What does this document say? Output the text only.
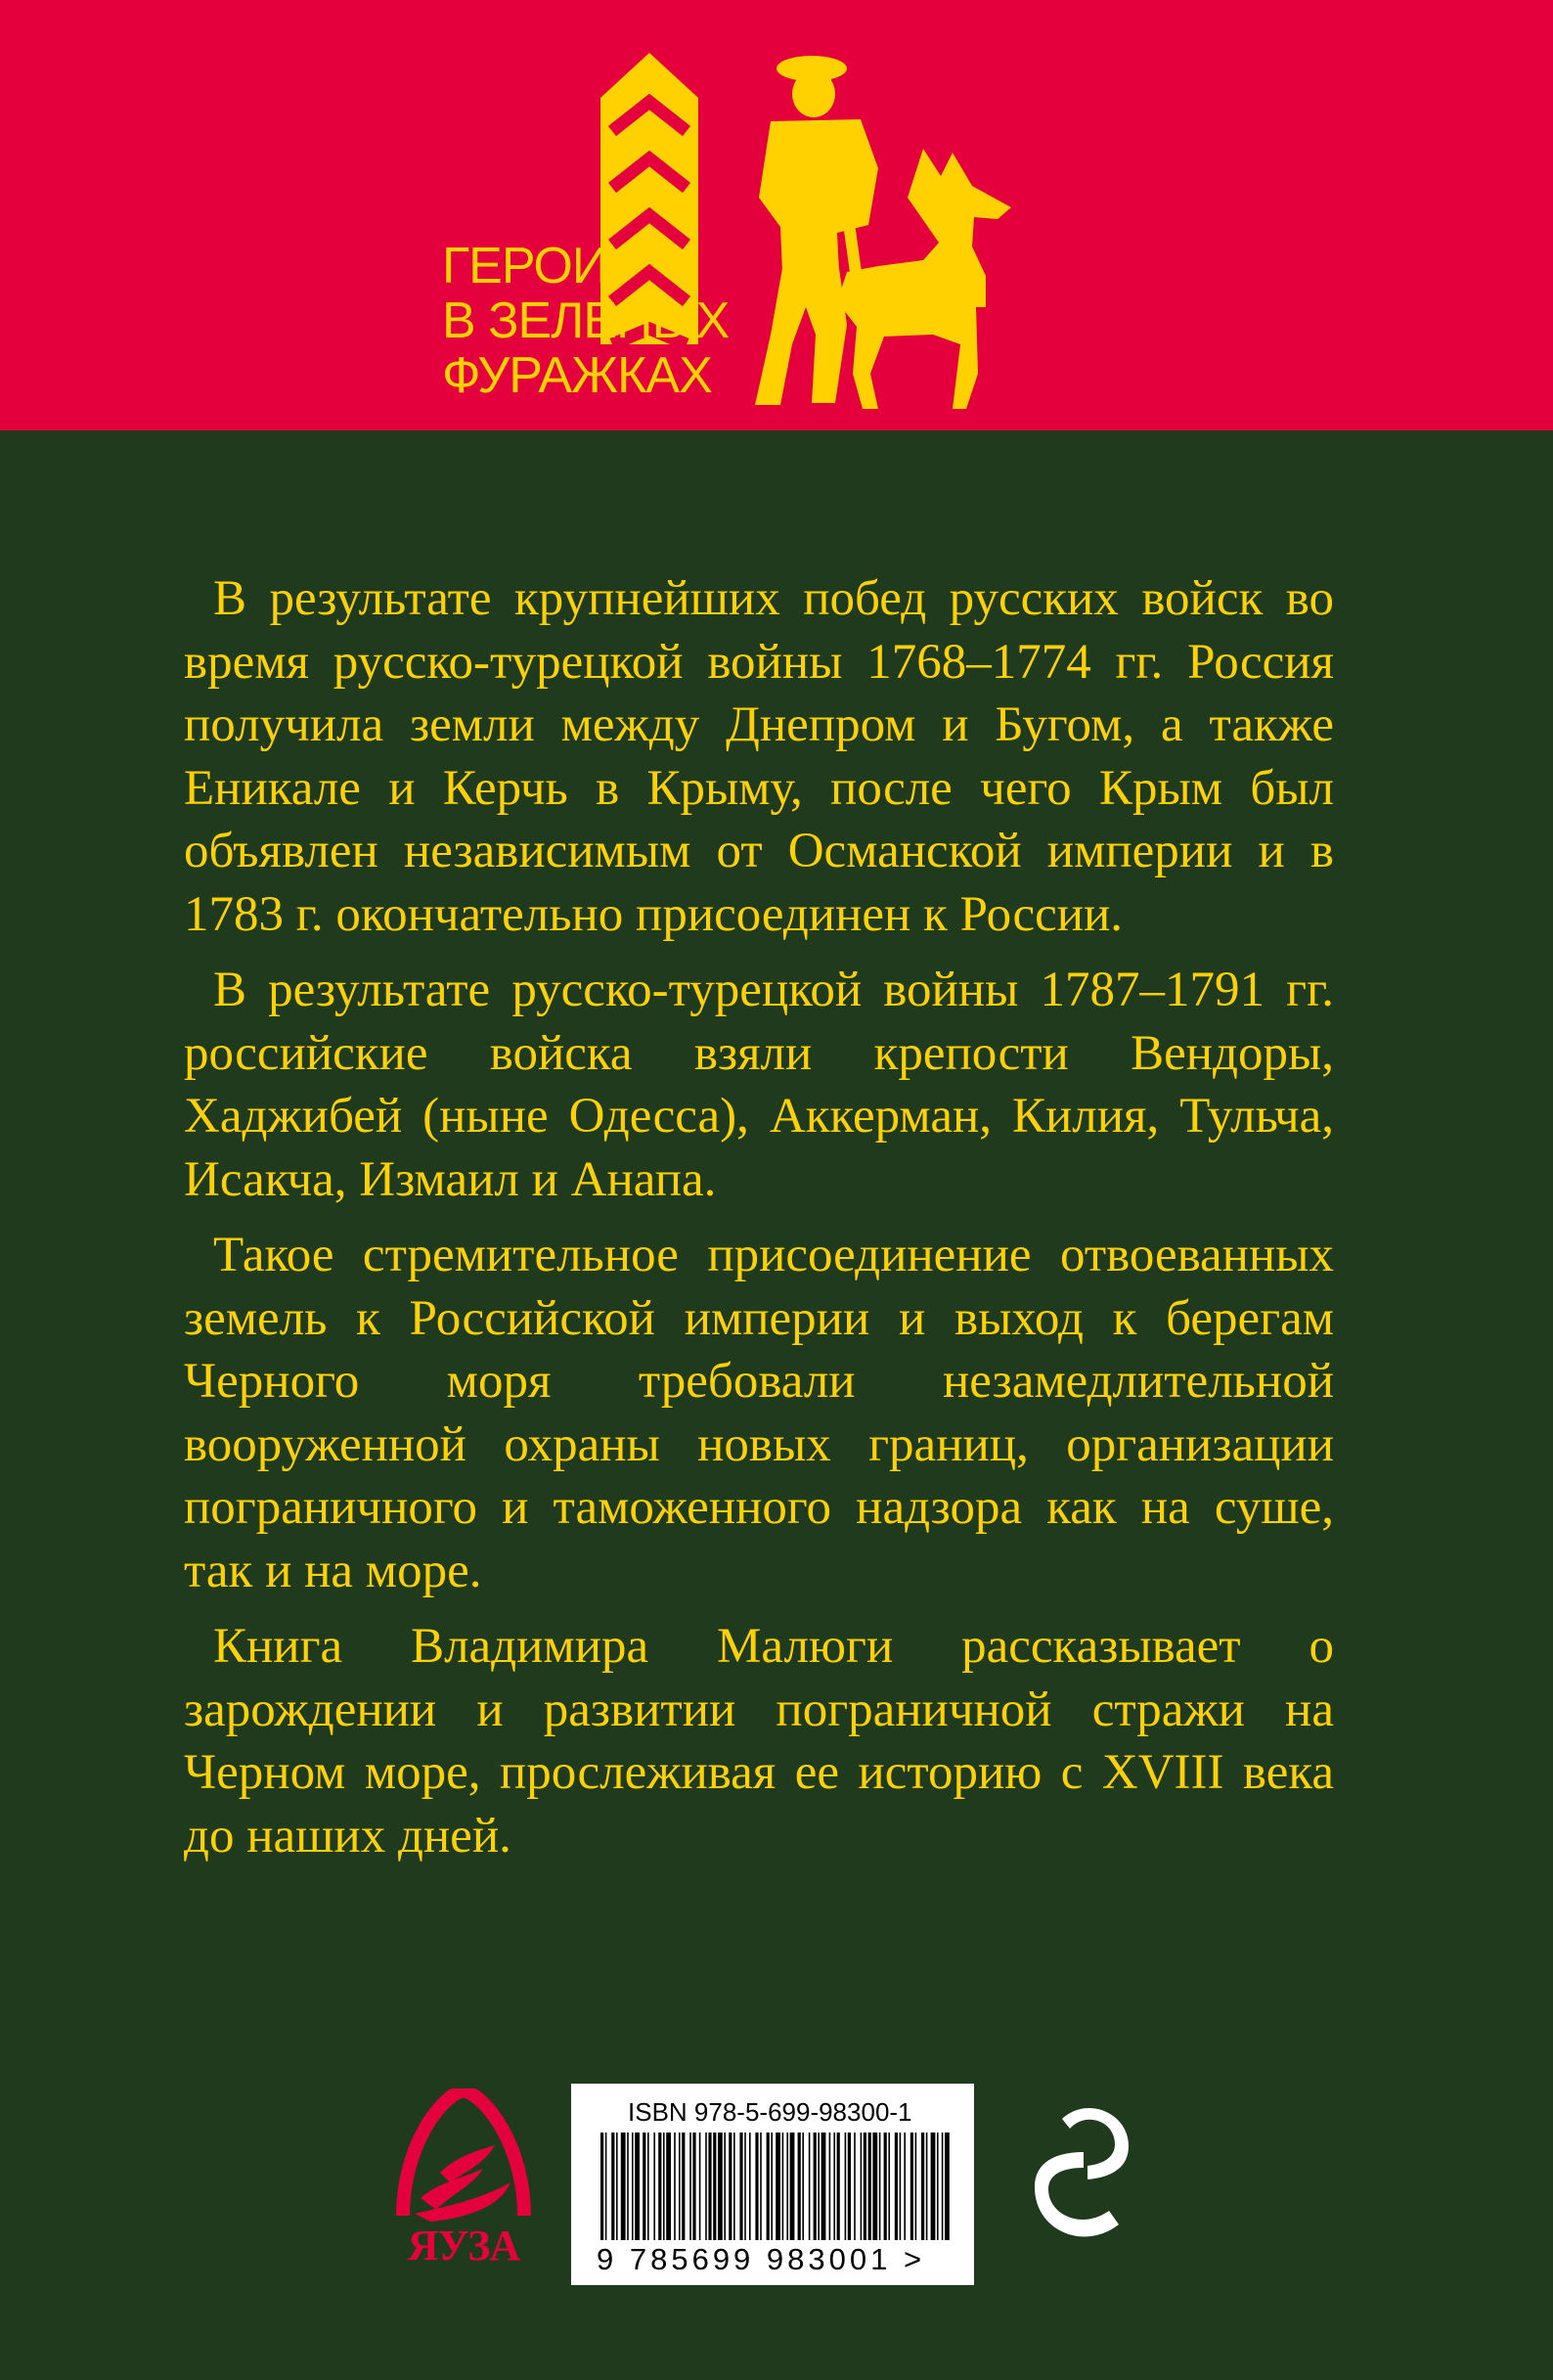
ГЕРОИ
В ЗЕЛЕНЫХ
ФУРАЖКАХ

В результате крупнейших побед русских войск во время русско-турецкой войны 1768–1774 гг. Россия получила земли между Днепром и Бугом, а также Еникале и Керчь в Крыму, после чего Крым был объявлен независимым от Османской империи и в 1783 г. окончательно присоединен к России.

В результате русско-турецкой войны 1787–1791 гг. российские войска взяли крепости Вендоры, Хаджибей (ныне Одесса), Аккерман, Килия, Тульча, Исакча, Измаил и Анапа.

Такое стремительное присоединение отвоеванных земель к Российской империи и выход к берегам Черного моря требовали незамедлительной вооруженной охраны новых границ, организации пограничного и таможенного надзора как на суше, так и на море.

Книга Владимира Малюги рассказывает о зарождении и развитии пограничной стражи на Черном море, прослеживая ее историю с XVIII века до наших дней.

ЯУЗА
ISBN 978-5-699-98300-1
9 785699 983001 >
